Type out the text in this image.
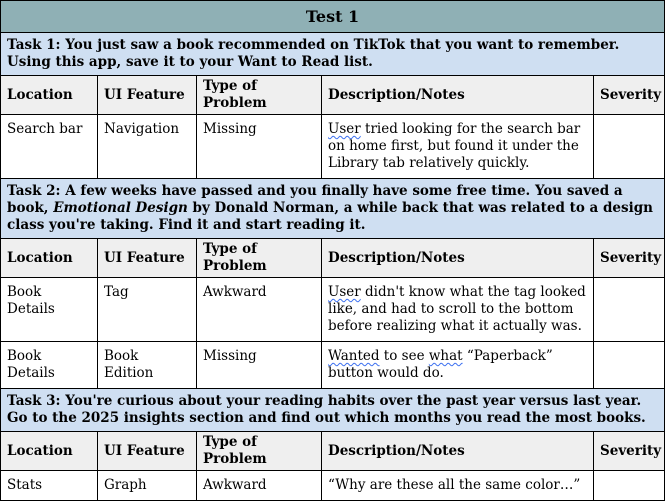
Test 1				
Task 1: You just saw a book recommended on TikTok that you want to remember. Using this app, save it to your Want to Read list.				
Location	UI Feature	Type of Problem	Description/Notes	Severity
Search bar	Navigation	Missing	User tried looking for the search bar on home first, but found it under the Library tab relatively quickly.	
Task 2: A few weeks have passed and you finally have some free time. You saved a book, Emotional Design by Donald Norman, a while back that was related to a design class you're taking. Find it and start reading it.				
Location	UI Feature	Type of Problem	Description/Notes	Severity
Book Details	Tag	Awkward	User didn't know what the tag looked like, and had to scroll to the bottom before realizing what it actually was.	
Book Details	Book Edition	Missing	Wanted to see what “Paperback” button would do.	
Task 3: You're curious about your reading habits over the past year versus last year. Go to the 2025 insights section and find out which months you read the most books.				
Location	UI Feature	Type of Problem	Description/Notes	Severity
Stats	Graph	Awkward	“Why are these all the same color…”	
